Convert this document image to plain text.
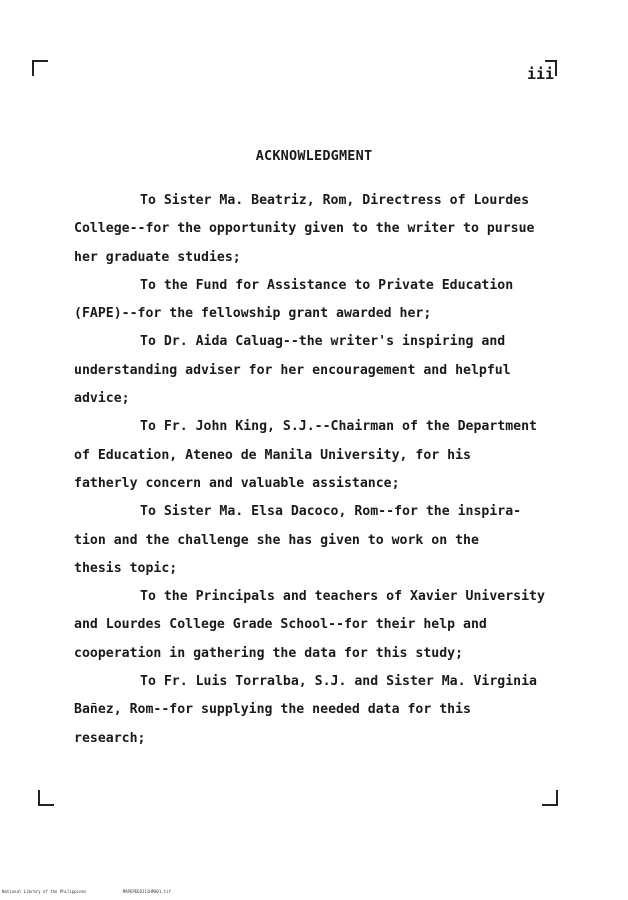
iii
ACKNOWLEDGMENT
To Sister Ma. Beatriz, Rom, Directress of Lourdes
College--for the opportunity given to the writer to pursue
her graduate studies;
To the Fund for Assistance to Private Education
(FAPE)--for the fellowship grant awarded her;
To Dr. Aida Caluag--the writer's inspiring and
understanding adviser for her encouragement and helpful
advice;
To Fr. John King, S.J.--Chairman of the Department
of Education, Ateneo de Manila University, for his
fatherly concern and valuable assistance;
To Sister Ma. Elsa Dacoco, Rom--for the inspira-
tion and the challenge she has given to work on the
thesis topic;
To the Principals and teachers of Xavier University
and Lourdes College Grade School--for their help and
cooperation in gathering the data for this study;
To Fr. Luis Torralba, S.J. and Sister Ma. Virginia
Bañez, Rom--for supplying the needed data for this
research;
National Library of the Philippines	MAPEPEED111HP001.tif
